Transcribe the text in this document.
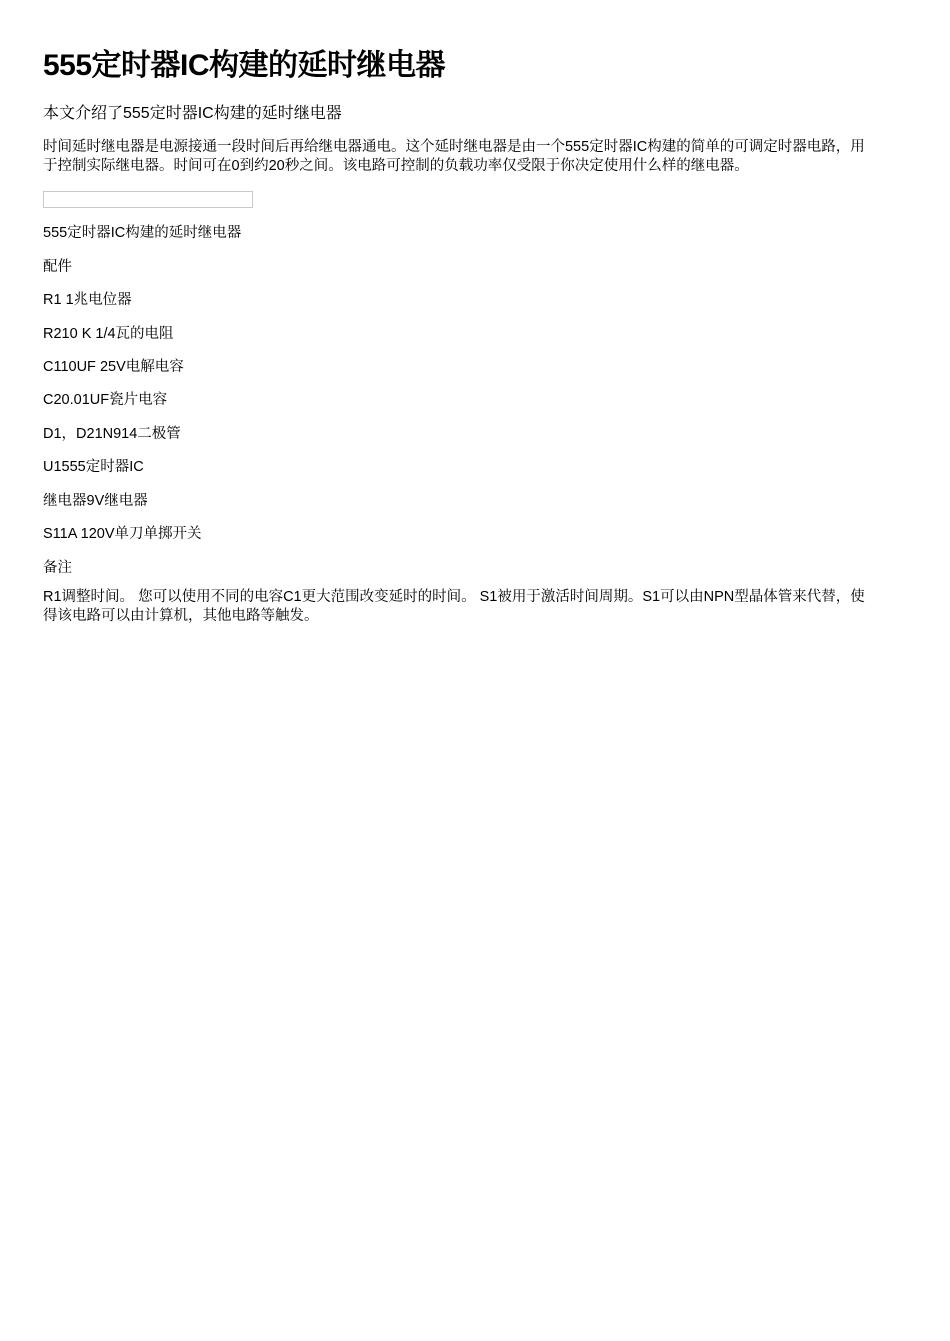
555定时器IC构建的延时继电器
本文介绍了555定时器IC构建的延时继电器
时间延时继电器是电源接通一段时间后再给继电器通电。这个延时继电器是由一个555定时器IC构建的简单的可调定时器电路，用于控制实际继电器。时间可在0到约20秒之间。该电路可控制的负载功率仅受限于你决定使用什么样的继电器。
555定时器IC构建的延时继电器
配件
R1 1兆电位器
R210 K 1/4瓦的电阻
C110UF 25V电解电容
C20.01UF瓷片电容
D1，D21N914二极管
U1555定时器IC
继电器9V继电器
S11A 120V单刀单掷开关
备注
R1调整时间。 您可以使用不同的电容C1更大范围改变延时的时间。 S1被用于激活时间周期。S1可以由NPN型晶体管来代替，使得该电路可以由计算机，其他电路等触发。
